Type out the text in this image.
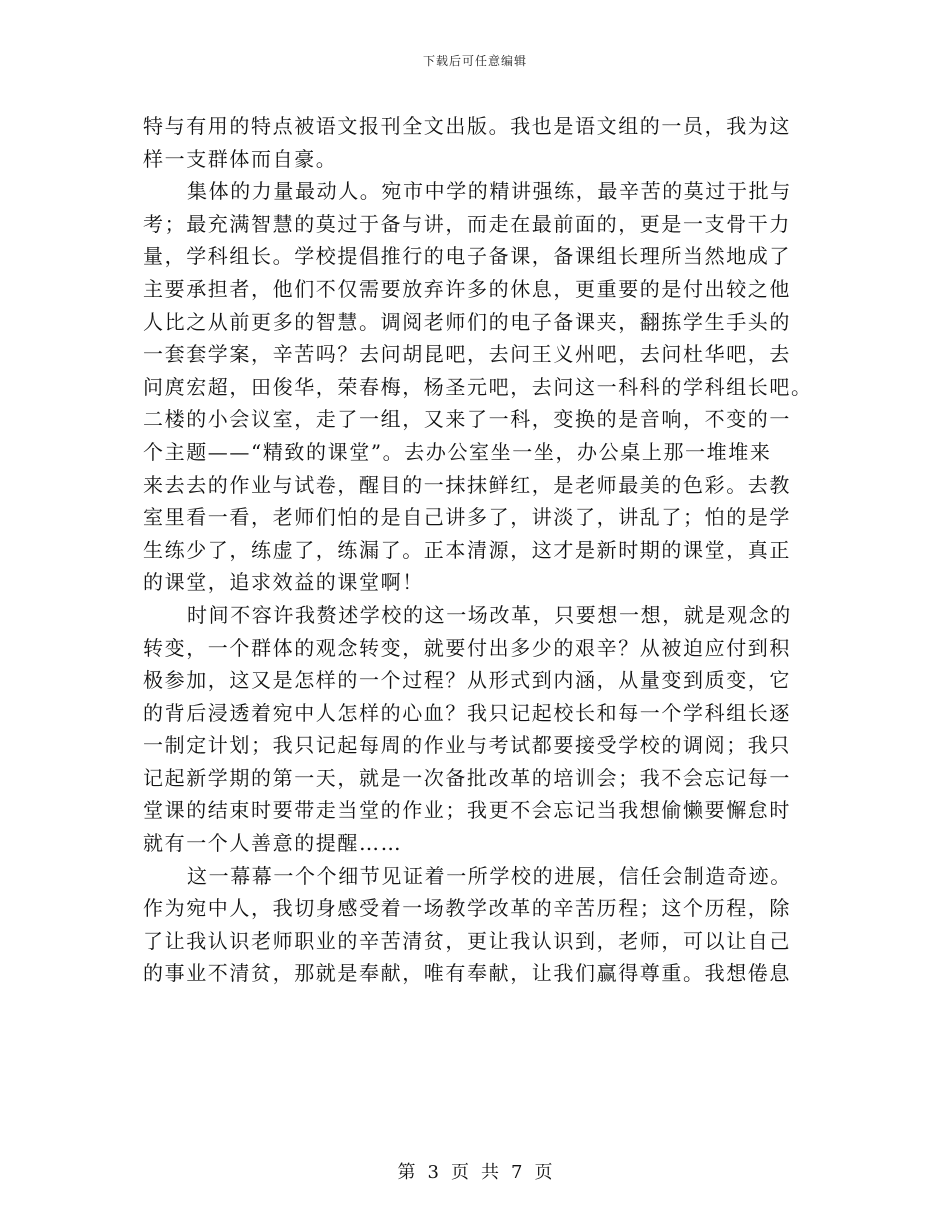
下载后可任意编辑
特与有用的特点被语文报刊全文出版。我也是语文组的一员，我为这
样一支群体而自豪。
集体的力量最动人。宛市中学的精讲强练，最辛苦的莫过于批与
考；最充满智慧的莫过于备与讲，而走在最前面的，更是一支骨干力
量，学科组长。学校提倡推行的电子备课，备课组长理所当然地成了
主要承担者，他们不仅需要放弃许多的休息，更重要的是付出较之他
人比之从前更多的智慧。调阅老师们的电子备课夹，翻拣学生手头的
一套套学案，辛苦吗？去问胡昆吧，去问王义州吧，去问杜华吧，去
问庹宏超，田俊华，荣春梅，杨圣元吧，去问这一科科的学科组长吧。
二楼的小会议室，走了一组，又来了一科，变换的是音响，不变的一
个主题——“精致的课堂”。去办公室坐一坐，办公桌上那一堆堆来
来去去的作业与试卷，醒目的一抹抹鲜红，是老师最美的色彩。去教
室里看一看，老师们怕的是自己讲多了，讲淡了，讲乱了；怕的是学
生练少了，练虚了，练漏了。正本清源，这才是新时期的课堂，真正
的课堂，追求效益的课堂啊！
时间不容许我赘述学校的这一场改革，只要想一想，就是观念的
转变，一个群体的观念转变，就要付出多少的艰辛？从被迫应付到积
极参加，这又是怎样的一个过程？从形式到内涵，从量变到质变，它
的背后浸透着宛中人怎样的心血？我只记起校长和每一个学科组长逐
一制定计划；我只记起每周的作业与考试都要接受学校的调阅；我只
记起新学期的第一天，就是一次备批改革的培训会；我不会忘记每一
堂课的结束时要带走当堂的作业；我更不会忘记当我想偷懒要懈怠时
就有一个人善意的提醒……
这一幕幕一个个细节见证着一所学校的进展，信任会制造奇迹。
作为宛中人，我切身感受着一场教学改革的辛苦历程；这个历程，除
了让我认识老师职业的辛苦清贫，更让我认识到，老师，可以让自己
的事业不清贫，那就是奉献，唯有奉献，让我们赢得尊重。我想倦息
第 3 页 共 7 页
